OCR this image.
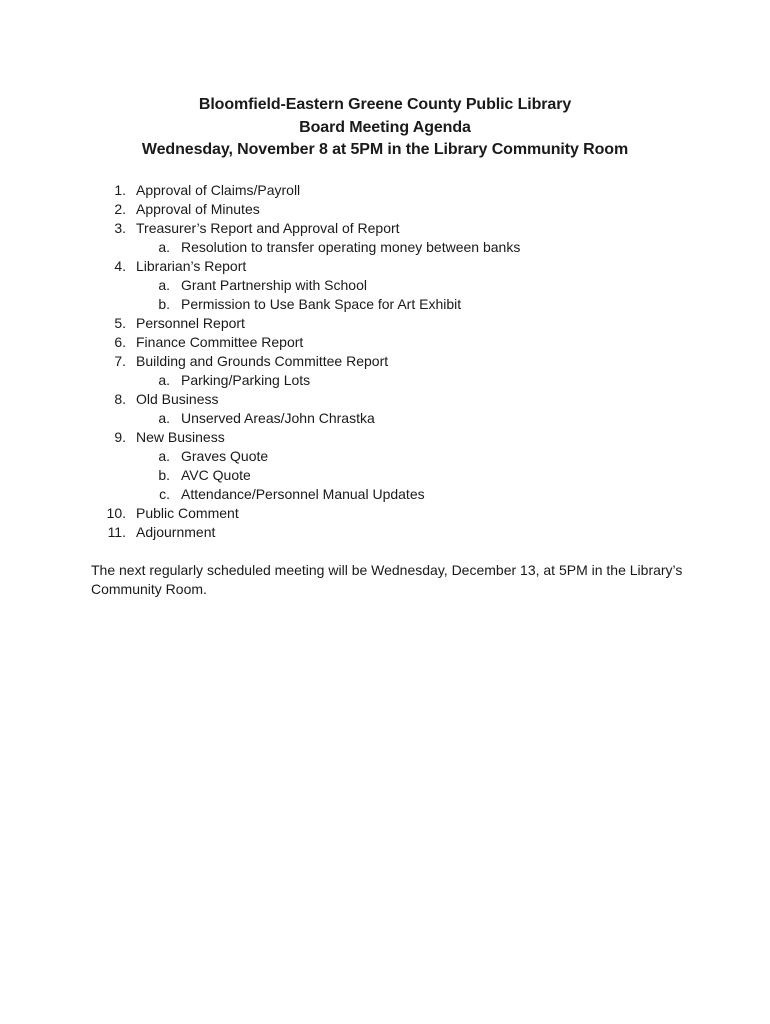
Bloomfield-Eastern Greene County Public Library
Board Meeting Agenda
Wednesday, November 8 at 5PM in the Library Community Room
1. Approval of Claims/Payroll
2. Approval of Minutes
3. Treasurer’s Report and Approval of Report
a. Resolution to transfer operating money between banks
4. Librarian’s Report
a. Grant Partnership with School
b. Permission to Use Bank Space for Art Exhibit
5. Personnel Report
6. Finance Committee Report
7. Building and Grounds Committee Report
a. Parking/Parking Lots
8. Old Business
a. Unserved Areas/John Chrastka
9. New Business
a. Graves Quote
b. AVC Quote
c. Attendance/Personnel Manual Updates
10. Public Comment
11. Adjournment

The next regularly scheduled meeting will be Wednesday, December 13, at 5PM in the Library’s Community Room.
